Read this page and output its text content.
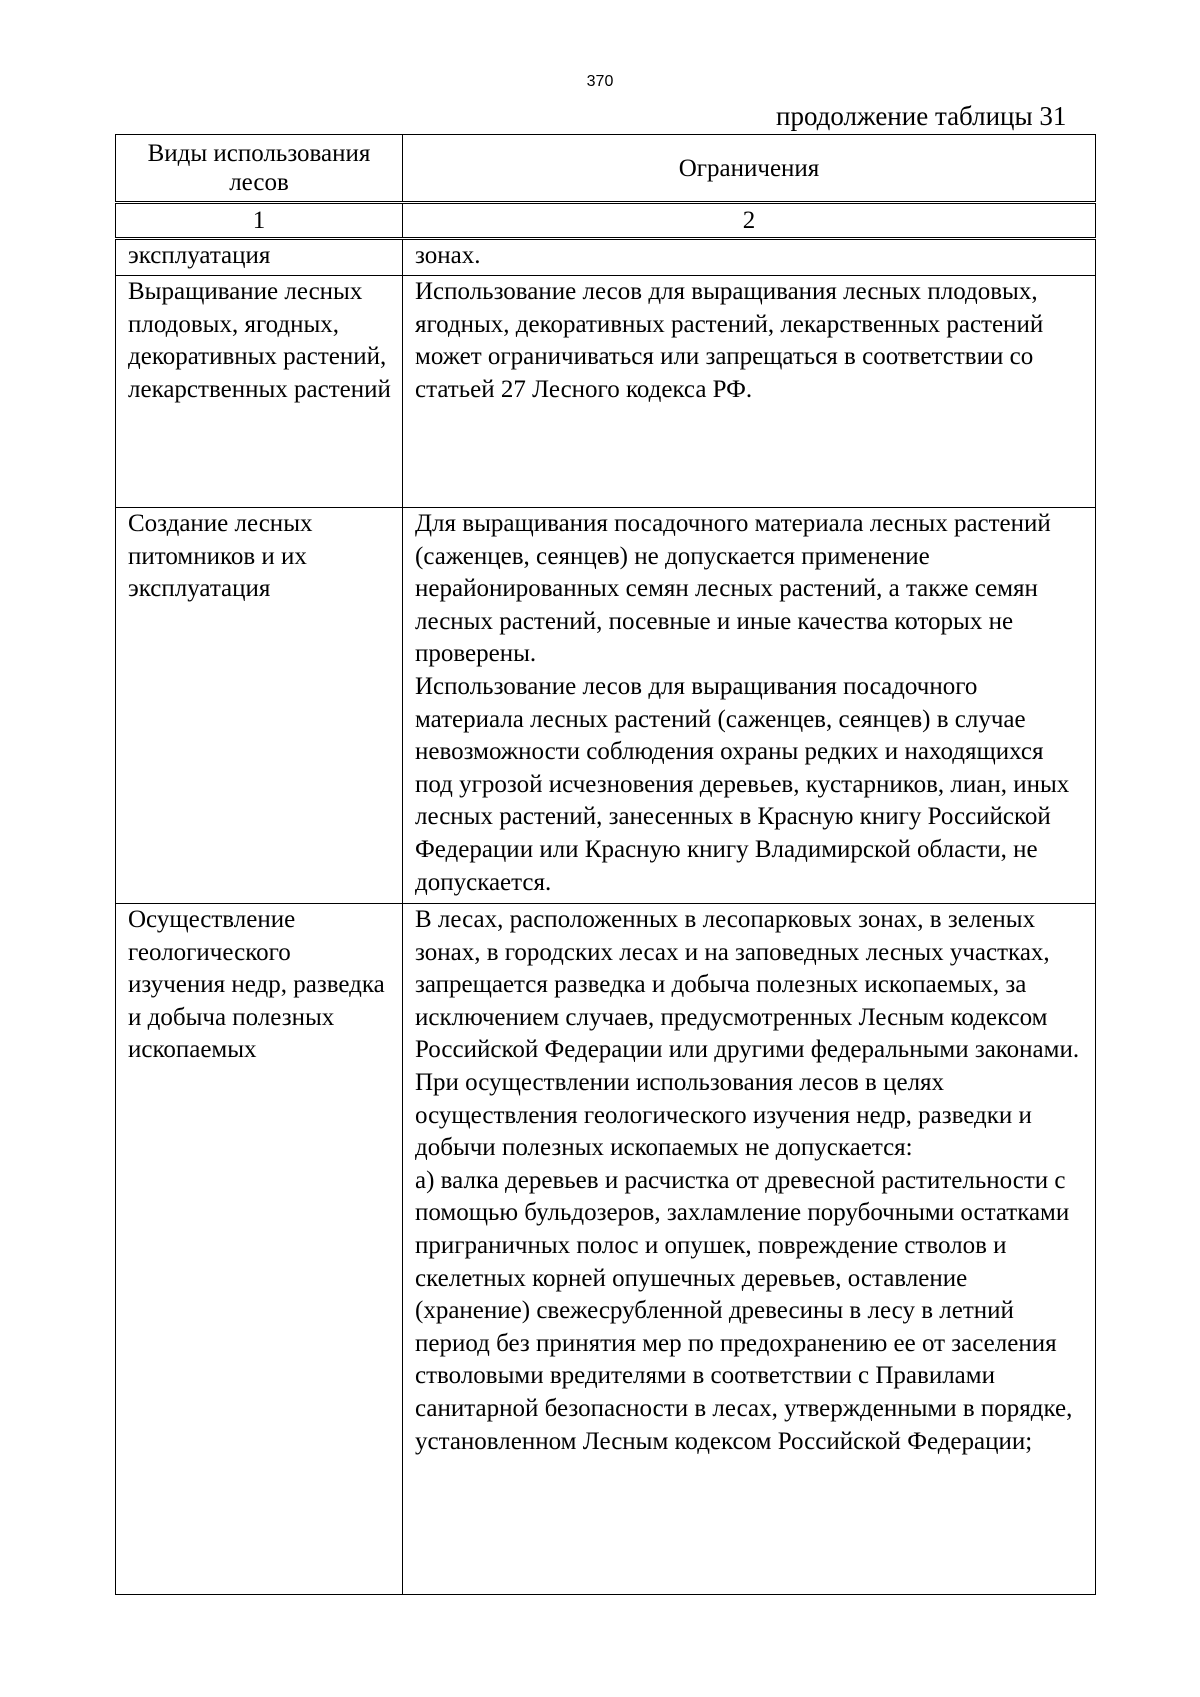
370
продолжение таблицы 31
Виды использования лесов	Ограничения
1	2
эксплуатация	зонах.

Выращивание лесных плодовых, ягодных, декоративных растений, лекарственных растений	Использование лесов для выращивания лесных плодовых, ягодных, декоративных растений, лекарственных растений может ограничиваться или запрещаться в соответствии со статьей 27 Лесного кодекса РФ.

Создание лесных питомников и их эксплуатация	Для выращивания посадочного материала лесных растений (саженцев, сеянцев) не допускается применение нерайонированных семян лесных растений, а также семян лесных растений, посевные и иные качества которых не проверены.
Использование лесов для выращивания посадочного материала лесных растений (саженцев, сеянцев) в случае невозможности соблюдения охраны редких и находящихся под угрозой исчезновения деревьев, кустарников, лиан, иных лесных растений, занесенных в Красную книгу Российской Федерации или Красную книгу Владимирской области, не допускается.

Осуществление геологического изучения недр, разведка и добыча полезных ископаемых	В лесах, расположенных в лесопарковых зонах, в зеленых зонах, в городских лесах и на заповедных лесных участках, запрещается разведка и добыча полезных ископаемых, за исключением случаев, предусмотренных Лесным кодексом Российской Федерации или другими федеральными законами.
При осуществлении использования лесов в целях осуществления геологического изучения недр, разведки и добычи полезных ископаемых не допускается:
а) валка деревьев и расчистка от древесной растительности с помощью бульдозеров, захламление порубочными остатками приграничных полос и опушек, повреждение стволов и скелетных корней опушечных деревьев, оставление (хранение) свежесрубленной древесины в лесу в летний период без принятия мер по предохранению ее от заселения стволовыми вредителями в соответствии с Правилами санитарной безопасности в лесах, утвержденными в порядке, установленном Лесным кодексом Российской Федерации;
